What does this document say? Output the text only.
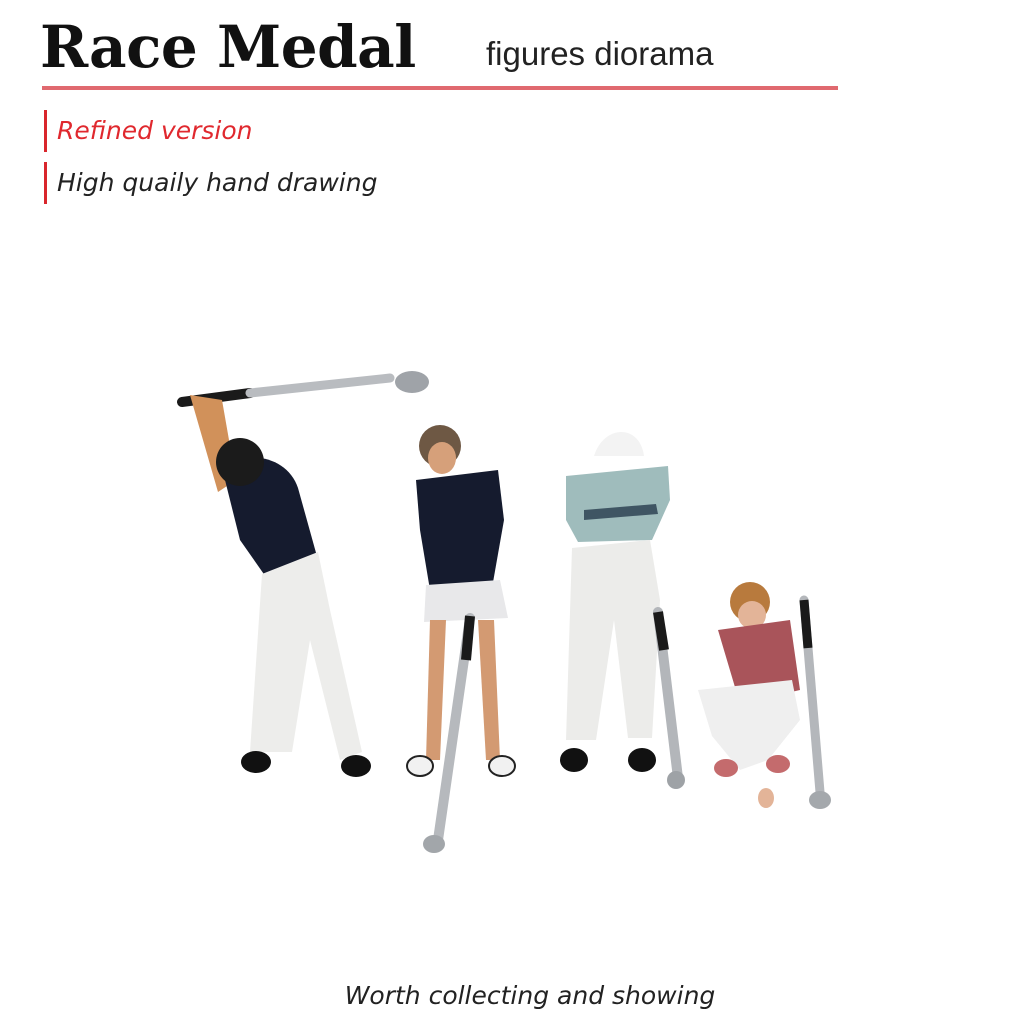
Race Medal figures diorama
Refined version
High quaily hand drawing
Worth collecting and showing
